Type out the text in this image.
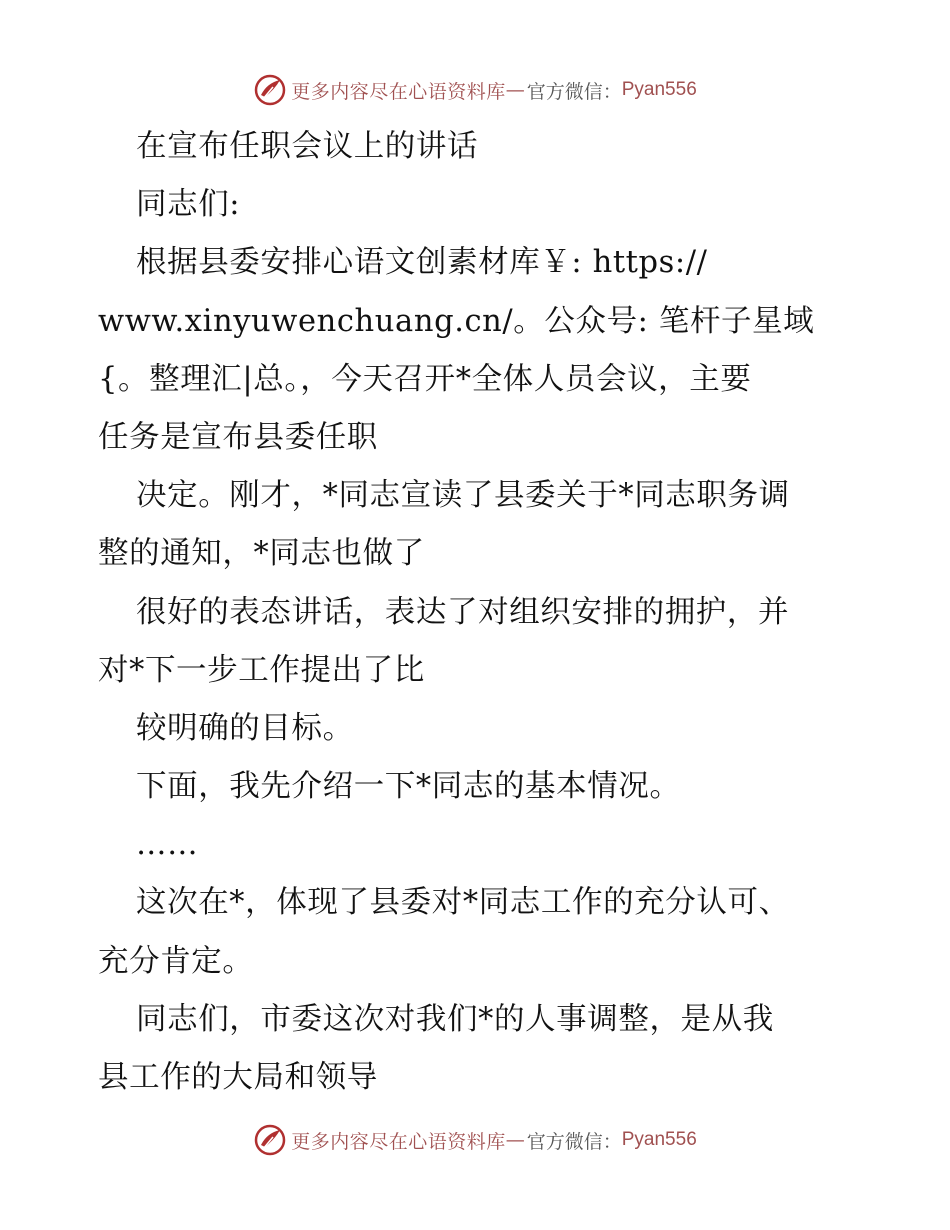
更多内容尽在心语资料库 — 官方微信： Pyan556
在宣布任职会议上的讲话
同志们:
根据县委安排心语文创素材库￥: https://
www.xinyuwenchuang.cn/。公众号: 笔杆子星域
{。整理汇|总。，今天召开*全体人员会议，主要
任务是宣布县委任职
决定。刚才，*同志宣读了县委关于*同志职务调
整的通知，*同志也做了
很好的表态讲话，表达了对组织安排的拥护，并
对*下一步工作提出了比
较明确的目标。
下面，我先介绍一下*同志的基本情况。
……
这次在*，体现了县委对*同志工作的充分认可、
充分肯定。
同志们，市委这次对我们*的人事调整，是从我
县工作的大局和领导
更多内容尽在心语资料库 — 官方微信： Pyan556
